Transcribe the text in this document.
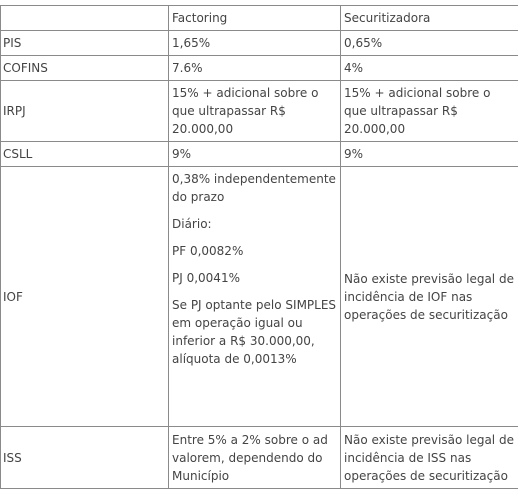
	Factoring	Securitizadora
PIS	1,65%	0,65%
COFINS	7.6%	4%
IRPJ	15% + adicional sobre o que ultrapassar R$ 20.000,00	15% + adicional sobre o que ultrapassar R$ 20.000,00
CSLL	9%	9%
IOF	0,38% independentemente do prazo

Diário:

PF 0,0082%

PJ 0,0041%

Se PJ optante pelo SIMPLES em operação igual ou inferior a R$ 30.000,00, alíquota de 0,0013%	Não existe previsão legal de incidência de IOF nas operações de securitização
ISS	Entre 5% a 2% sobre o ad valorem, dependendo do Município	Não existe previsão legal de incidência de ISS nas operações de securitização
